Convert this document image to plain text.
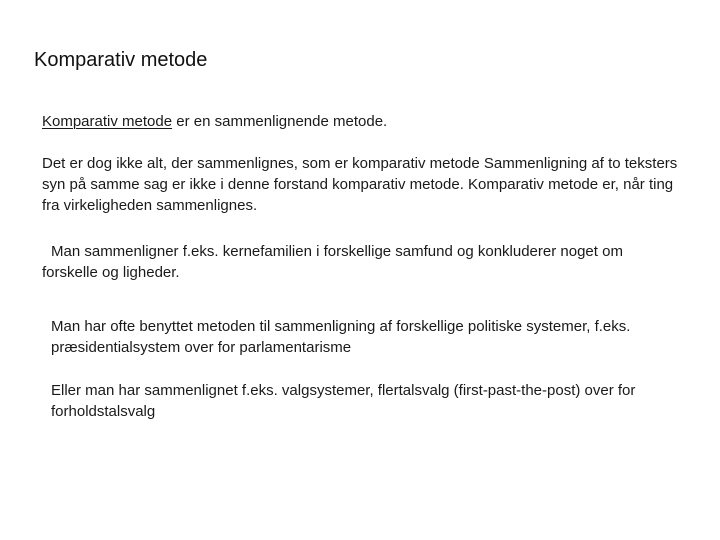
Komparativ metode

Komparativ metode er en sammenlignende metode.

Det er dog ikke alt, der sammenlignes, som er komparativ metode Sammenligning af to teksters syn på samme sag er ikke i denne forstand komparativ metode. Komparativ metode er, når ting fra virkeligheden sammenlignes.

Man sammenligner f.eks. kernefamilien i forskellige samfund og konkluderer noget om forskelle og ligheder.

Man har ofte benyttet metoden til sammenligning af forskellige politiske systemer, f.eks. præsidentialsystem over for parlamentarisme

Eller man har sammenlignet f.eks. valgsystemer, flertalsvalg (first-past-the-post) over for forholdstalsvalg
